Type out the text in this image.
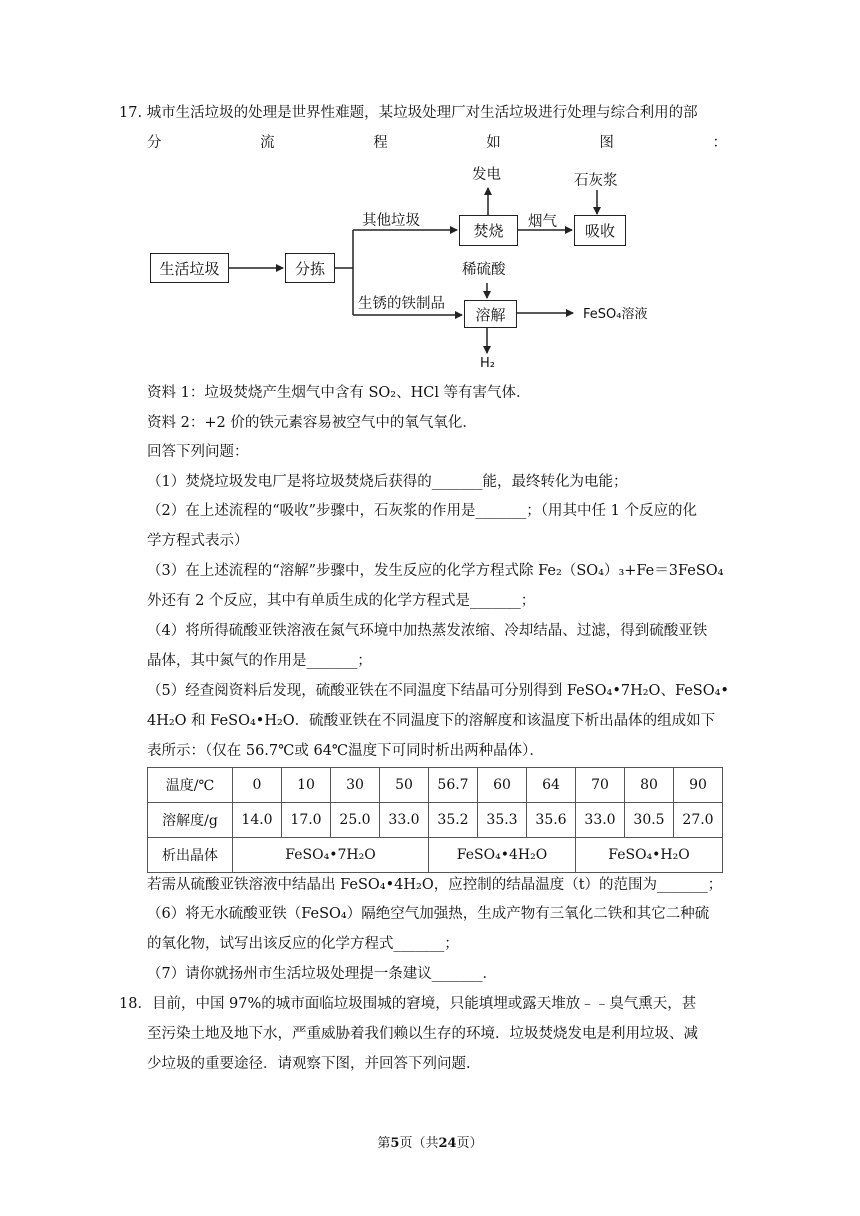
17. 城市生活垃圾的处理是世界性难题，某垃圾处理厂对生活垃圾进行处理与综合利用的部
分	流	程	如	图	：
生活垃圾	分拣
焚烧	吸收
溶解
其他垃圾
生锈的铁制品
发电
烟气
石灰浆
稀硫酸
FeSO₄溶液
H₂
资料 1：垃圾焚烧产生烟气中含有 SO₂、HCl 等有害气体．
资料 2：+2 价的铁元素容易被空气中的氧气氧化．
回答下列问题：
（1）焚烧垃圾发电厂是将垃圾焚烧后获得的_______能，最终转化为电能；
（2）在上述流程的“吸收”步骤中，石灰浆的作用是_______；（用其中任 1 个反应的化
学方程式表示）
（3）在上述流程的“溶解”步骤中，发生反应的化学方程式除 Fe₂（SO₄）₃+Fe＝3FeSO₄
外还有 2 个反应，其中有单质生成的化学方程式是_______；
（4）将所得硫酸亚铁溶液在氮气环境中加热蒸发浓缩、冷却结晶、过滤，得到硫酸亚铁
晶体，其中氮气的作用是_______；
（5）经查阅资料后发现，硫酸亚铁在不同温度下结晶可分别得到 FeSO₄•7H₂O、FeSO₄•
4H₂O 和 FeSO₄•H₂O．硫酸亚铁在不同温度下的溶解度和该温度下析出晶体的组成如下
表所示：（仅在 56.7℃或 64℃温度下可同时析出两种晶体）．
温度/℃	0	10	30	50	56.7	60	64	70	80	90
溶解度/g	14.0	17.0	25.0	33.0	35.2	35.3	35.6	33.0	30.5	27.0
析出晶体	FeSO₄•7H₂O				FeSO₄•4H₂O			FeSO₄•H₂O		
若需从硫酸亚铁溶液中结晶出 FeSO₄•4H₂O，应控制的结晶温度（t）的范围为_______；
（6）将无水硫酸亚铁（FeSO₄）隔绝空气加强热，生成产物有三氧化二铁和其它二种硫
的氧化物，试写出该反应的化学方程式_______；
（7）请你就扬州市生活垃圾处理提一条建议_______．
18．目前，中国 97%的城市面临垃圾围城的窘境，只能填埋或露天堆放﹣﹣臭气熏天，甚
至污染土地及地下水，严重威胁着我们赖以生存的环境．垃圾焚烧发电是利用垃圾、减
少垃圾的重要途径．请观察下图，并回答下列问题．
第5页（共24页）
